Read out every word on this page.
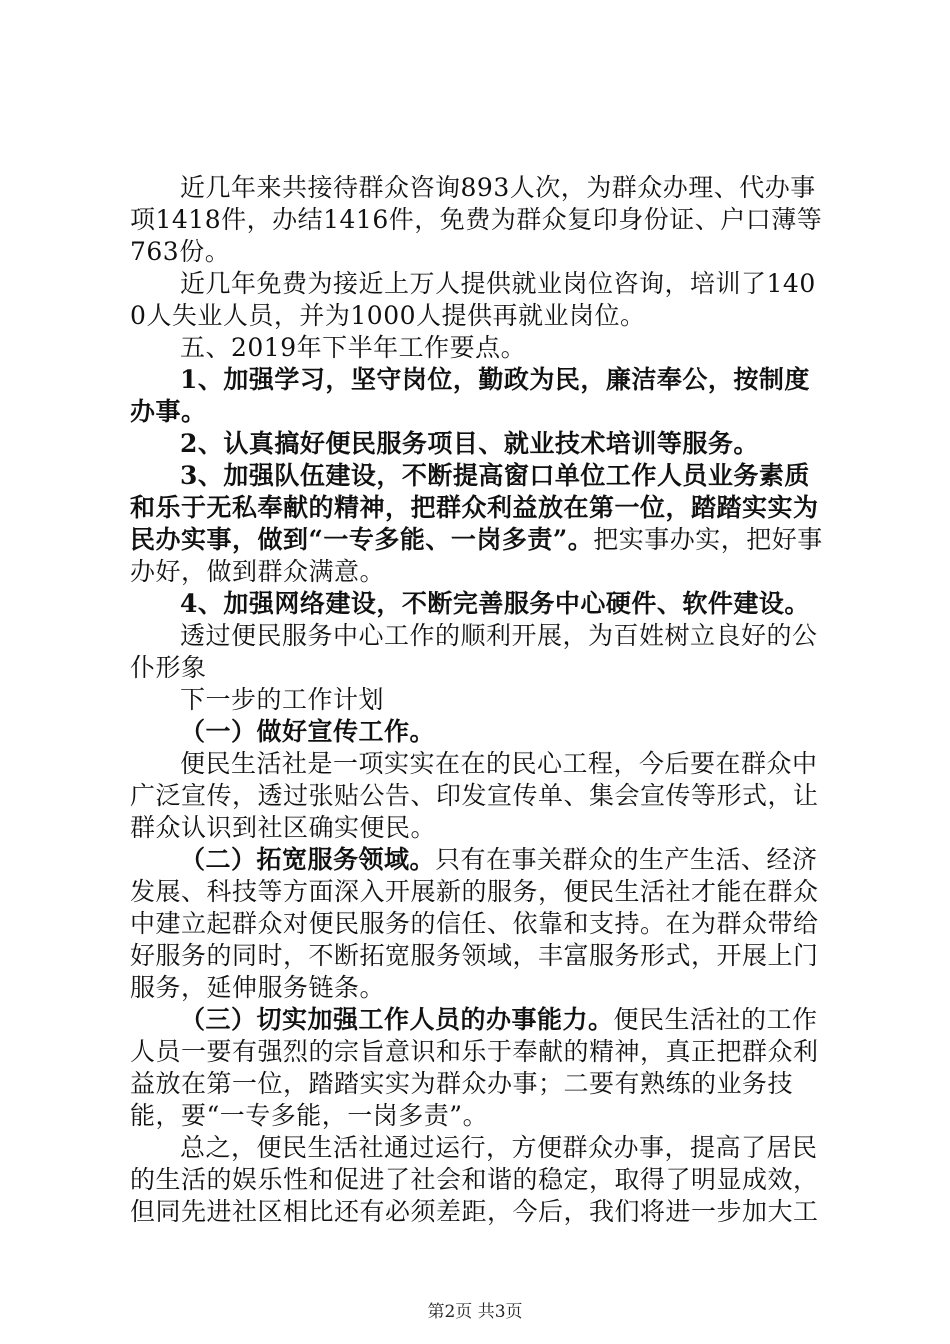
近几年来共接待群众咨询893人次，为群众办理、代办事项1418件，办结1416件，免费为群众复印身份证、户口薄等763份。

近几年免费为接近上万人提供就业岗位咨询，培训了1400人失业人员，并为1000人提供再就业岗位。

五、2019年下半年工作要点。

1、加强学习，坚守岗位，勤政为民，廉洁奉公，按制度办事。

2、认真搞好便民服务项目、就业技术培训等服务。

3、加强队伍建设，不断提高窗口单位工作人员业务素质和乐于无私奉献的精神，把群众利益放在第一位，踏踏实实为民办实事，做到“一专多能、一岗多责”。把实事办实，把好事办好，做到群众满意。

4、加强网络建设，不断完善服务中心硬件、软件建设。

透过便民服务中心工作的顺利开展，为百姓树立良好的公仆形象

下一步的工作计划

（一）做好宣传工作。

便民生活社是一项实实在在的民心工程，今后要在群众中广泛宣传，透过张贴公告、印发宣传单、集会宣传等形式，让群众认识到社区确实便民。

（二）拓宽服务领域。只有在事关群众的生产生活、经济发展、科技等方面深入开展新的服务，便民生活社才能在群众中建立起群众对便民服务的信任、依靠和支持。在为群众带给好服务的同时，不断拓宽服务领域，丰富服务形式，开展上门服务，延伸服务链条。

（三）切实加强工作人员的办事能力。便民生活社的工作人员一要有强烈的宗旨意识和乐于奉献的精神，真正把群众利益放在第一位，踏踏实实为群众办事；二要有熟练的业务技能，要“一专多能，一岗多责”。

总之，便民生活社通过运行，方便群众办事，提高了居民的生活的娱乐性和促进了社会和谐的稳定，取得了明显成效，但同先进社区相比还有必须差距，今后，我们将进一步加大工

第2页 共3页
